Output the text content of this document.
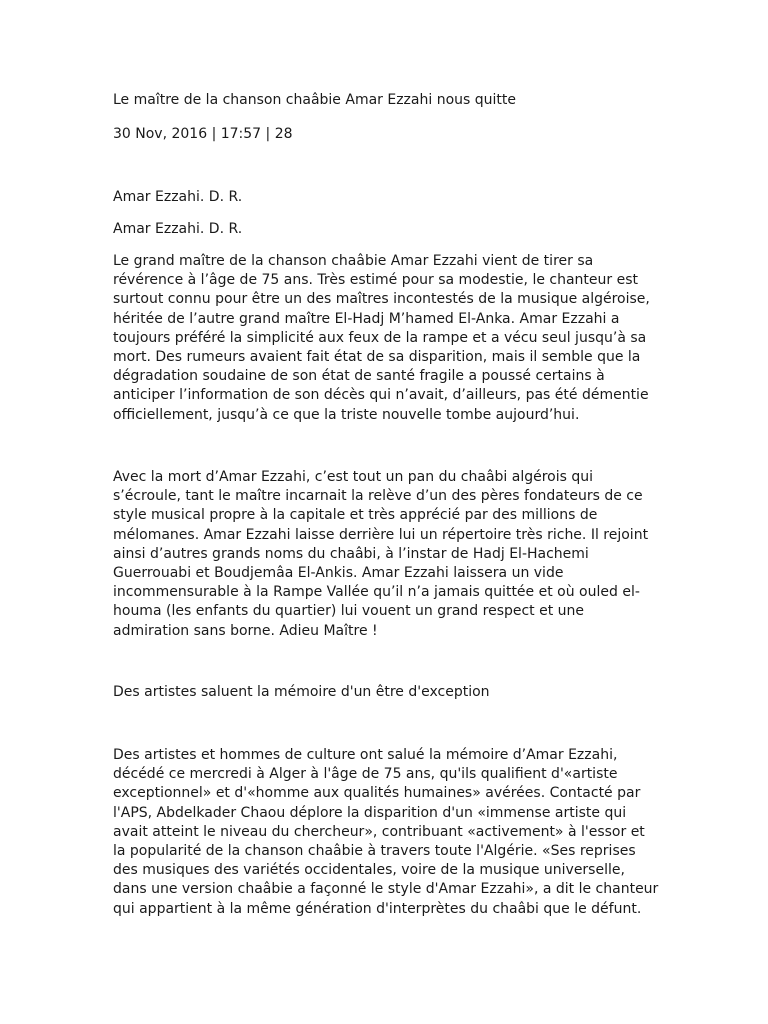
Le maître de la chanson chaâbie Amar Ezzahi nous quitte
30 Nov, 2016 | 17:57 | 28
Amar Ezzahi. D. R.
Amar Ezzahi. D. R.

Le grand maître de la chanson chaâbie Amar Ezzahi vient de tirer sa révérence à l’âge de 75 ans. Très estimé pour sa modestie, le chanteur est surtout connu pour être un des maîtres incontestés de la musique algéroise, héritée de l’autre grand maître El-Hadj M’hamed El-Anka. Amar Ezzahi a toujours préféré la simplicité aux feux de la rampe et a vécu seul jusqu’à sa mort. Des rumeurs avaient fait état de sa disparition, mais il semble que la dégradation soudaine de son état de santé fragile a poussé certains à anticiper l’information de son décès qui n’avait, d’ailleurs, pas été démentie officiellement, jusqu’à ce que la triste nouvelle tombe aujourd’hui.

Avec la mort d’Amar Ezzahi, c’est tout un pan du chaâbi algérois qui s’écroule, tant le maître incarnait la relève d’un des pères fondateurs de ce style musical propre à la capitale et très apprécié par des millions de mélomanes. Amar Ezzahi laisse derrière lui un répertoire très riche. Il rejoint ainsi d’autres grands noms du chaâbi, à l’instar de Hadj El-Hachemi Guerrouabi et Boudjemâa El-Ankis. Amar Ezzahi laissera un vide incommensurable à la Rampe Vallée qu’il n’a jamais quittée et où ouled el-houma (les enfants du quartier) lui vouent un grand respect et une admiration sans borne. Adieu Maître !

Des artistes saluent la mémoire d'un être d'exception

Des artistes et hommes de culture ont salué la mémoire d’Amar Ezzahi, décédé ce mercredi à Alger à l'âge de 75 ans, qu'ils qualifient d'«artiste exceptionnel» et d'«homme aux qualités humaines» avérées. Contacté par l'APS, Abdelkader Chaou déplore la disparition d'un «immense artiste qui avait atteint le niveau du chercheur», contribuant «activement» à l'essor et la popularité de la chanson chaâbie à travers toute l'Algérie. «Ses reprises des musiques des variétés occidentales, voire de la musique universelle, dans une version chaâbie a façonné le style d'Amar Ezzahi», a dit le chanteur qui appartient à la même génération d'interprètes du chaâbi que le défunt.
